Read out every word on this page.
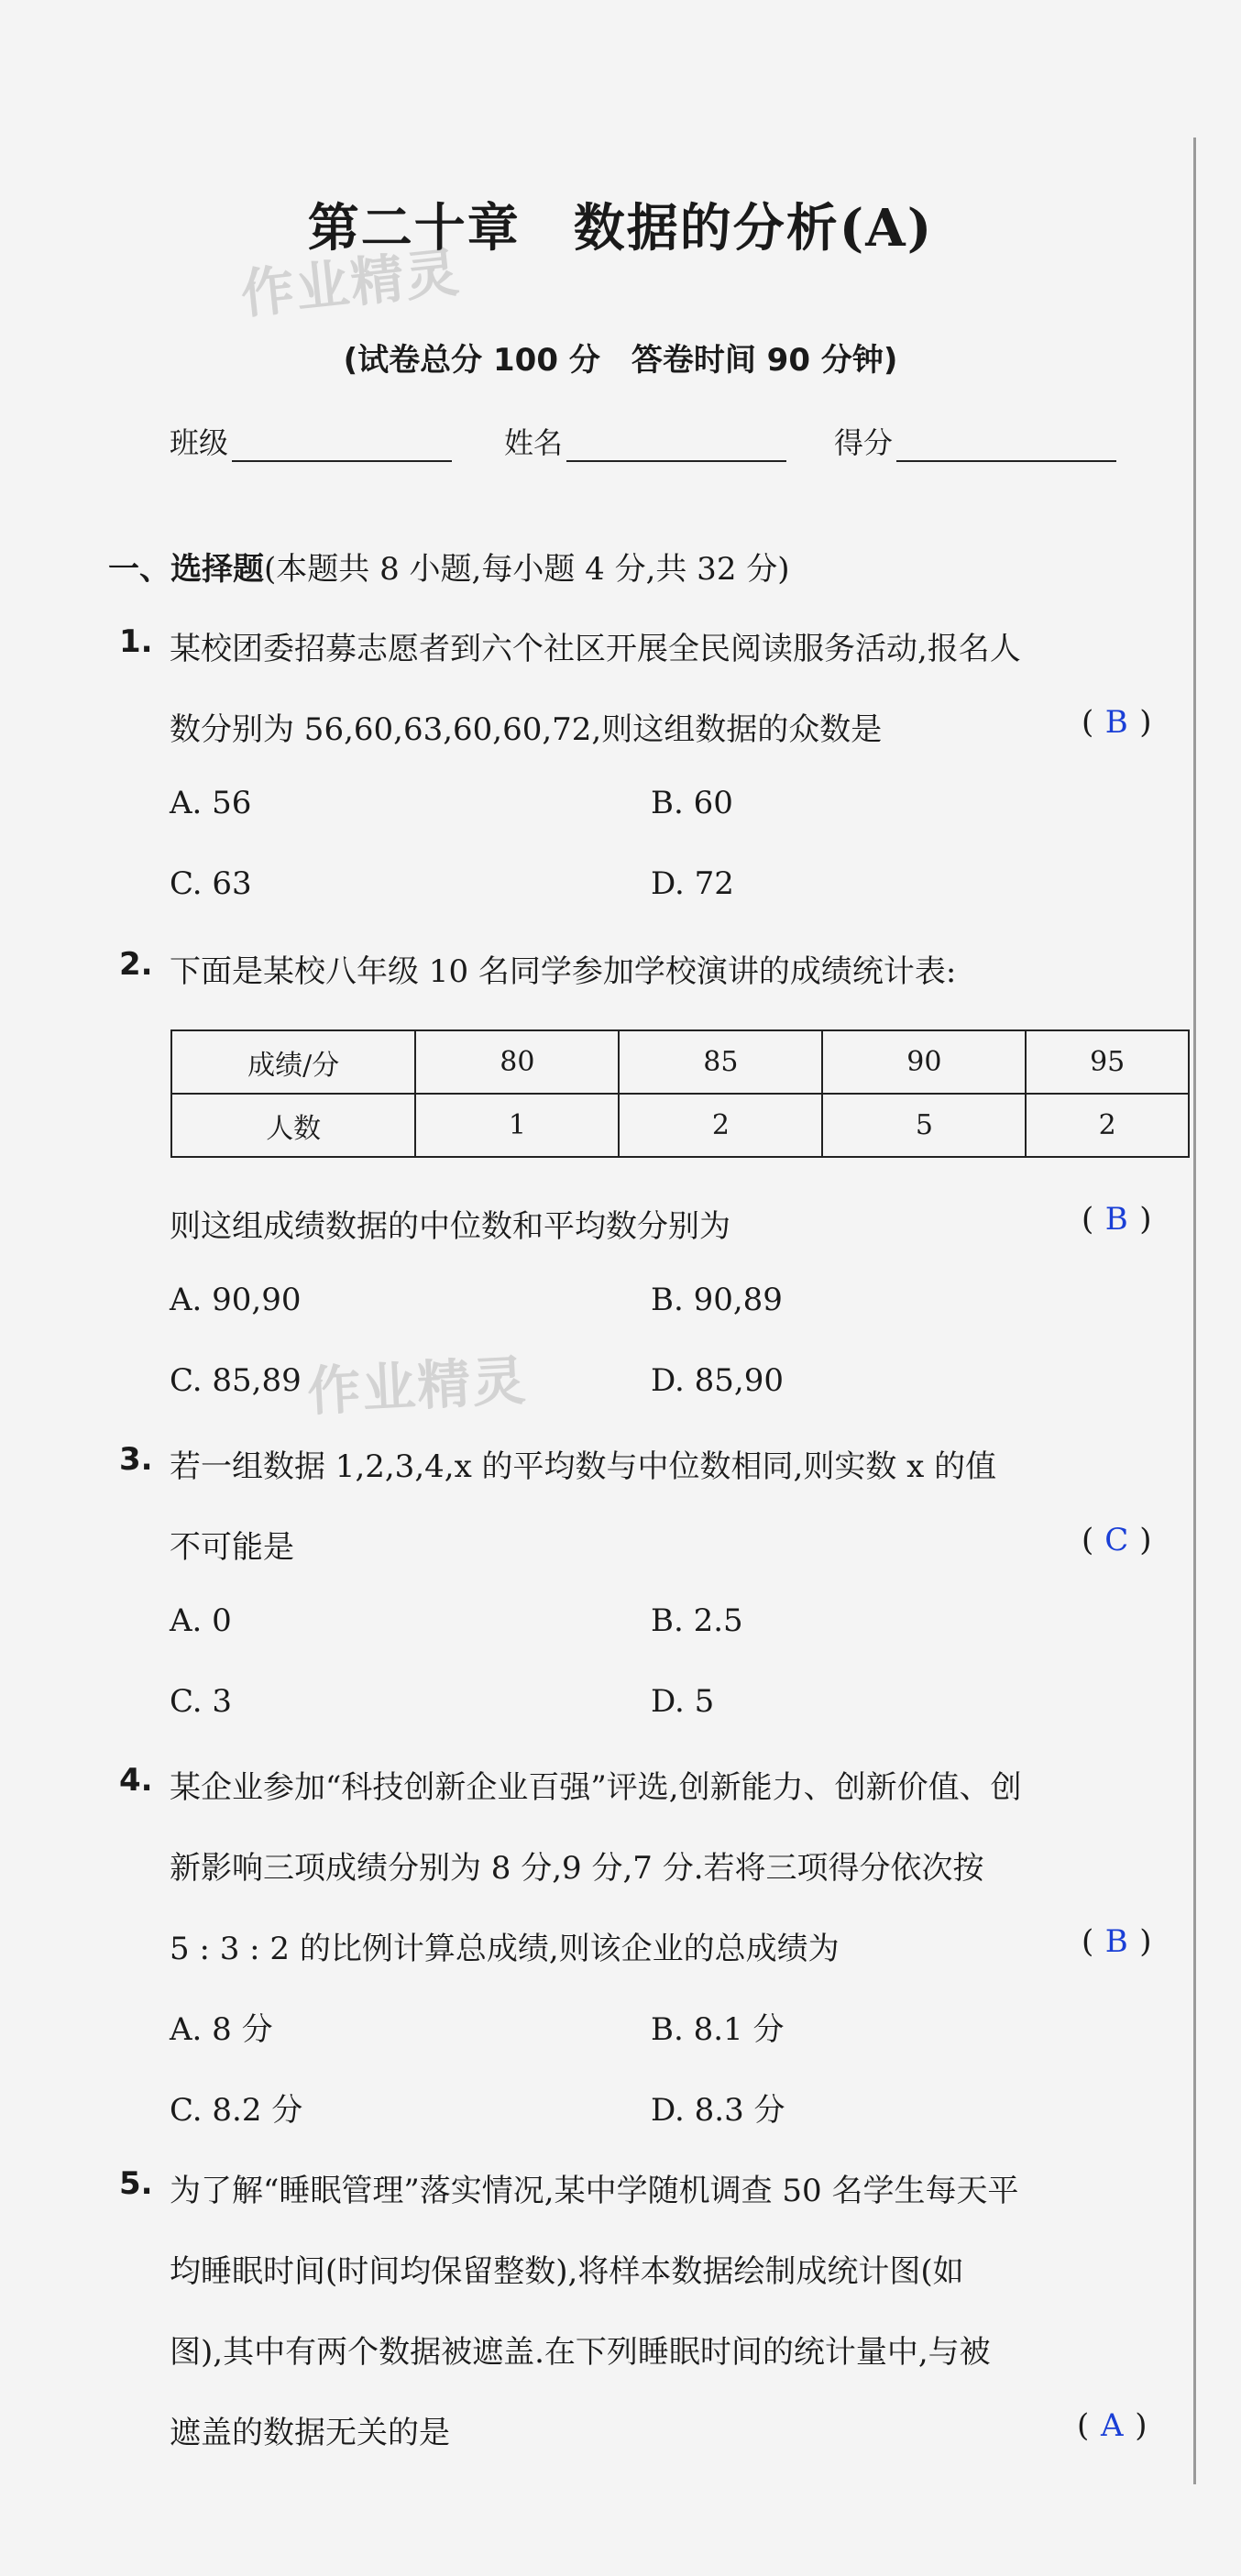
第二十章　数据的分析(A)
作业精灵
(试卷总分 100 分　答卷时间 90 分钟)
班级	姓名	得分
一、选择题(本题共 8 小题,每小题 4 分,共 32 分)
1. 某校团委招募志愿者到六个社区开展全民阅读服务活动,报名人
数分别为 56,60,63,60,60,72,则这组数据的众数是	( B )
A. 56	B. 60
C. 63	D. 72
2. 下面是某校八年级 10 名同学参加学校演讲的成绩统计表:
成绩/分	80	85	90	95
人数	1	2	5	2
则这组成绩数据的中位数和平均数分别为	( B )
A. 90,90	B. 90,89
C. 85,89	D. 85,90
作业精灵
3. 若一组数据 1,2,3,4,x 的平均数与中位数相同,则实数 x 的值
不可能是	( C )
A. 0	B. 2.5
C. 3	D. 5
4. 某企业参加“科技创新企业百强”评选,创新能力、创新价值、创
新影响三项成绩分别为 8 分,9 分,7 分.若将三项得分依次按
5 : 3 : 2 的比例计算总成绩,则该企业的总成绩为	( B )
A. 8 分	B. 8.1 分
C. 8.2 分	D. 8.3 分
5. 为了解“睡眠管理”落实情况,某中学随机调查 50 名学生每天平
均睡眠时间(时间均保留整数),将样本数据绘制成统计图(如
图),其中有两个数据被遮盖.在下列睡眠时间的统计量中,与被
遮盖的数据无关的是	( A )
